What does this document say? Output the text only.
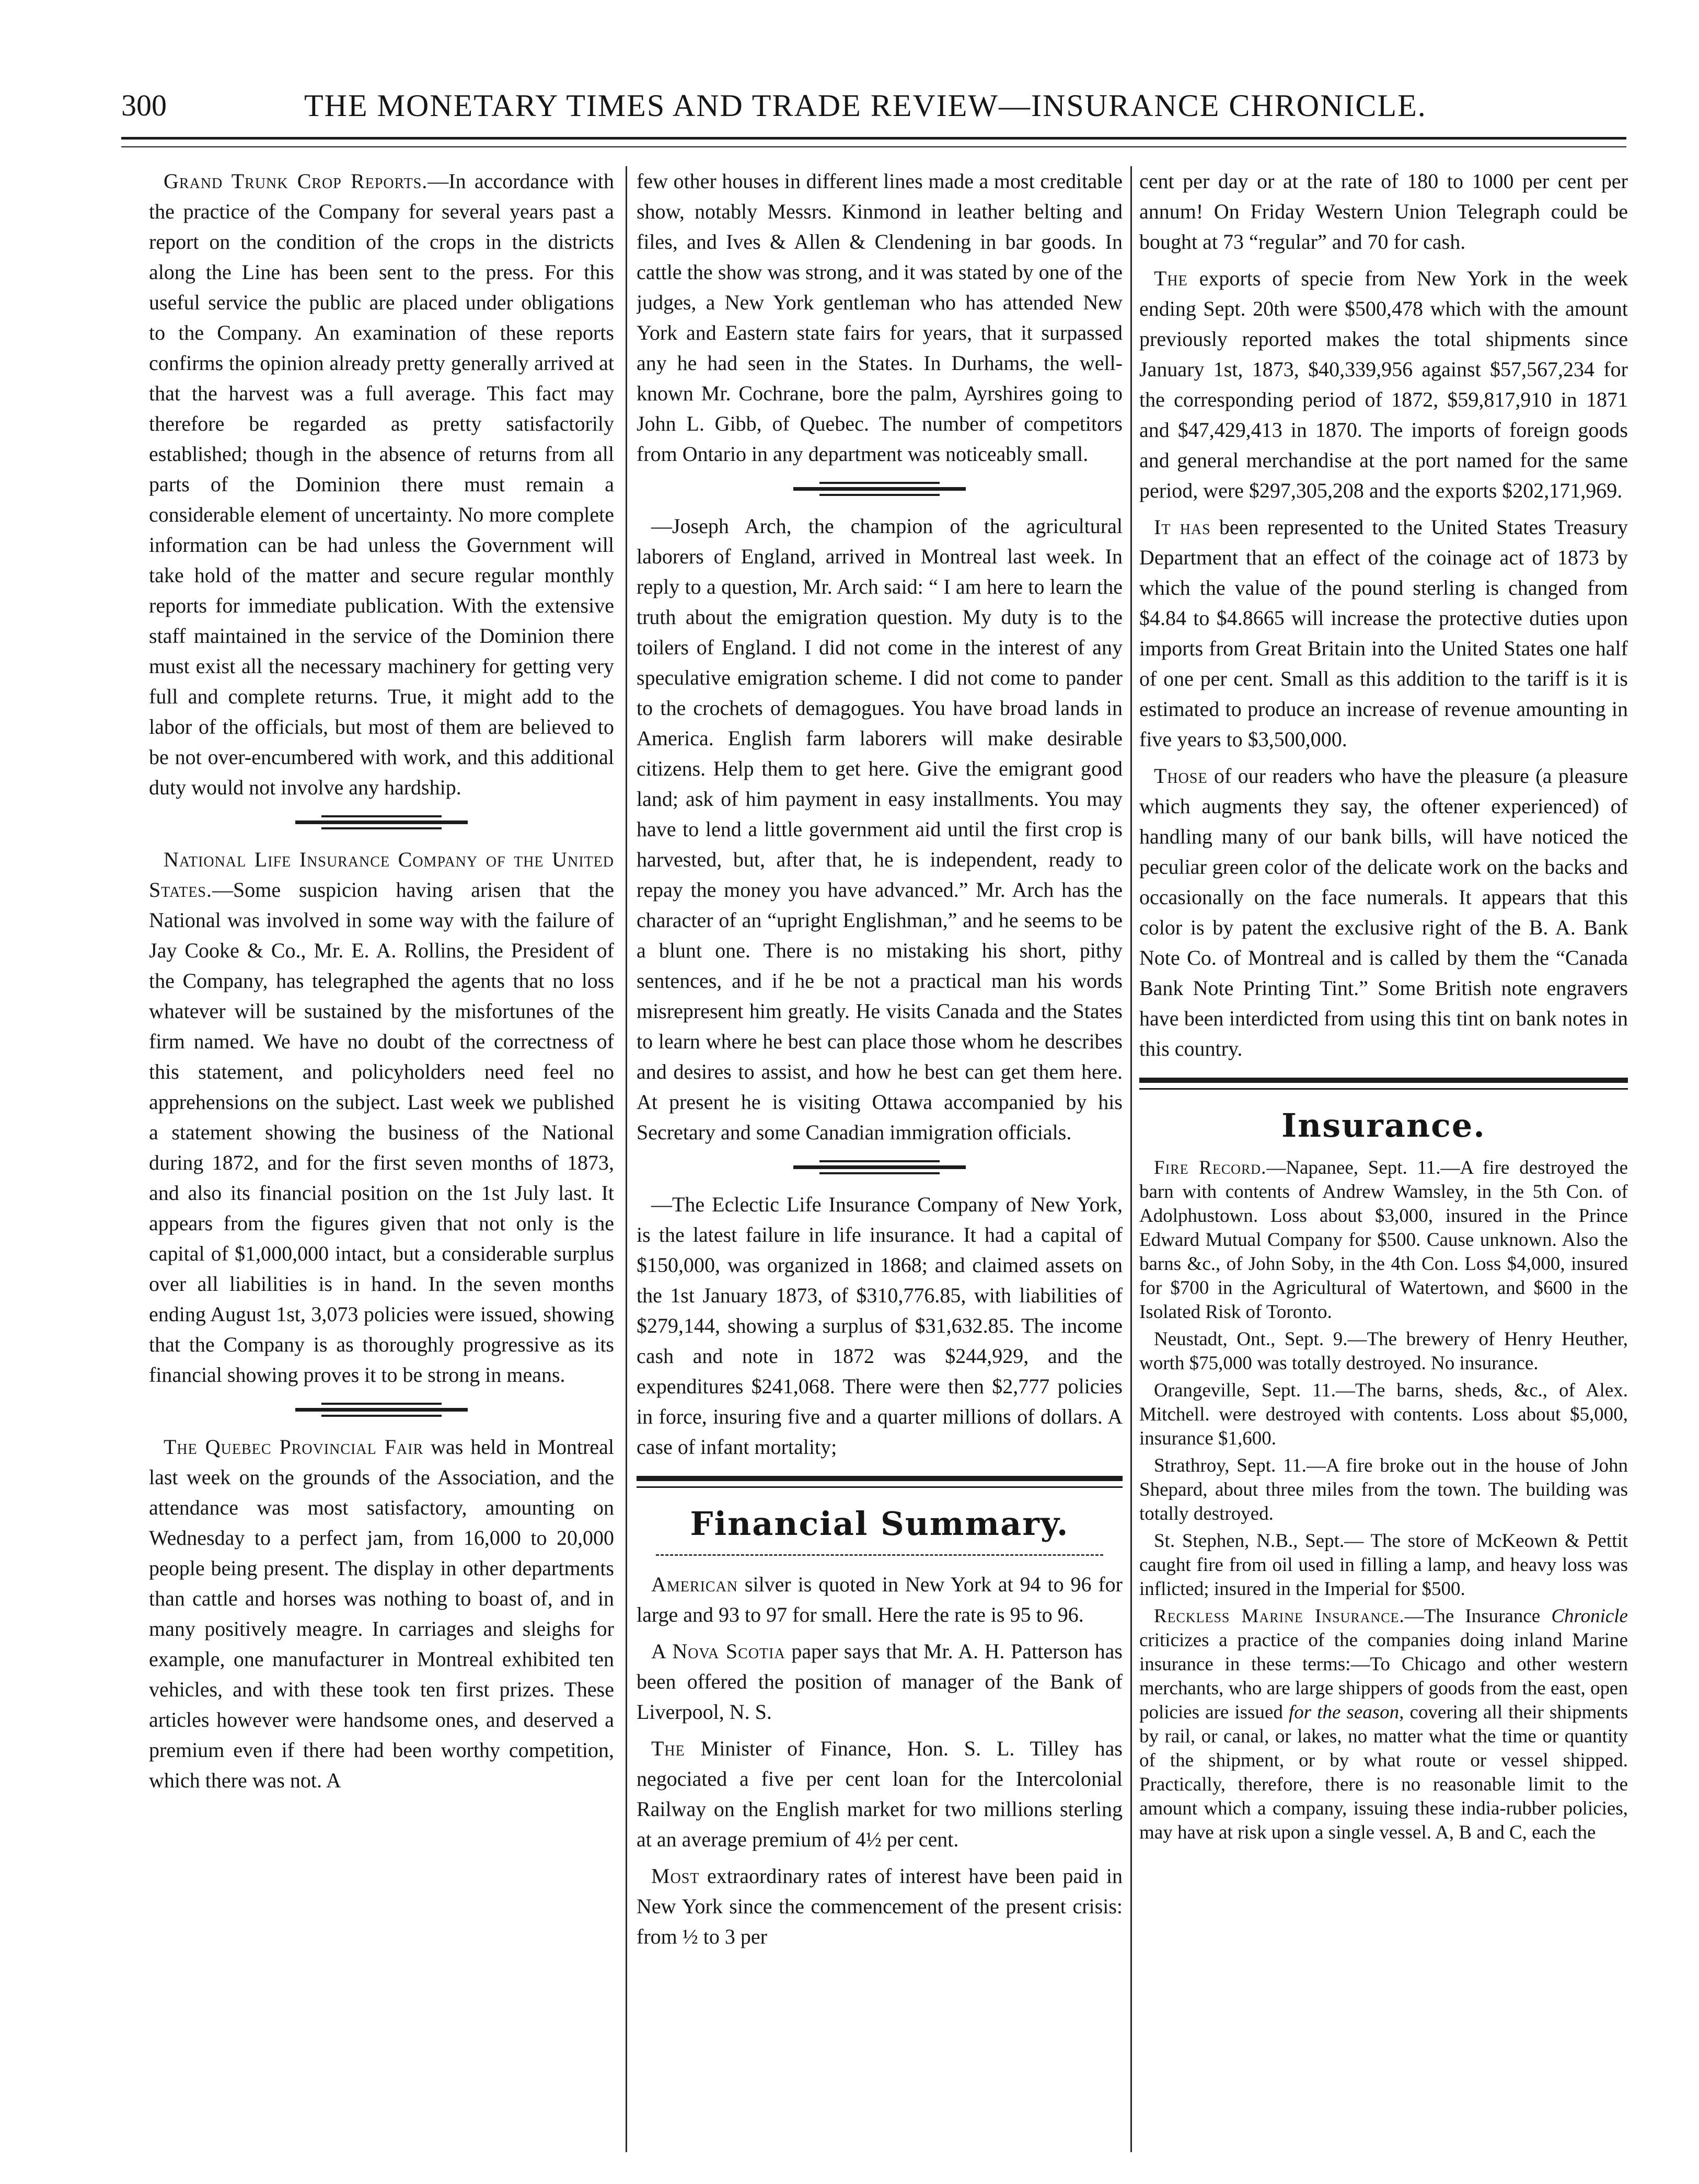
300	THE MONETARY TIMES AND TRADE REVIEW—INSURANCE CHRONICLE.

Grand Trunk Crop Reports.—In accordance with the practice of the Company for several years past a report on the condition of the crops in the districts along the Line has been sent to the press. For this useful service the public are placed under obligations to the Company. An examination of these reports confirms the opinion already pretty generally arrived at that the harvest was a full average. This fact may therefore be regarded as pretty satisfactorily established; though in the absence of returns from all parts of the Dominion there must remain a considerable element of uncertainty. No more complete information can be had unless the Government will take hold of the matter and secure regular monthly reports for immediate publication. With the extensive staff maintained in the service of the Dominion there must exist all the necessary machinery for getting very full and complete returns. True, it might add to the labor of the officials, but most of them are believed to be not over-encumbered with work, and this additional duty would not involve any hardship.

National Life Insurance Company of the United States.—Some suspicion having arisen that the National was involved in some way with the failure of Jay Cooke & Co., Mr. E. A. Rollins, the President of the Company, has telegraphed the agents that no loss whatever will be sustained by the misfortunes of the firm named. We have no doubt of the correctness of this statement, and policyholders need feel no apprehensions on the subject. Last week we published a statement showing the business of the National during 1872, and for the first seven months of 1873, and also its financial position on the 1st July last. It appears from the figures given that not only is the capital of $1,000,000 intact, but a considerable surplus over all liabilities is in hand. In the seven months ending August 1st, 3,073 policies were issued, showing that the Company is as thoroughly progressive as its financial showing proves it to be strong in means.

The Quebec Provincial Fair was held in Montreal last week on the grounds of the Association, and the attendance was most satisfactory, amounting on Wednesday to a perfect jam, from 16,000 to 20,000 people being present. The display in other departments than cattle and horses was nothing to boast of, and in many positively meagre. In carriages and sleighs for example, one manufacturer in Montreal exhibited ten vehicles, and with these took ten first prizes. These articles however were handsome ones, and deserved a premium even if there had been worthy competition, which there was not. A

few other houses in different lines made a most creditable show, notably Messrs. Kinmond in leather belting and files, and Ives & Allen & Clendening in bar goods. In cattle the show was strong, and it was stated by one of the judges, a New York gentleman who has attended New York and Eastern state fairs for years, that it surpassed any he had seen in the States. In Durhams, the well-known Mr. Cochrane, bore the palm, Ayrshires going to John L. Gibb, of Quebec. The number of competitors from Ontario in any department was noticeably small.

—Joseph Arch, the champion of the agricultural laborers of England, arrived in Montreal last week. In reply to a question, Mr. Arch said: “ I am here to learn the truth about the emigration question. My duty is to the toilers of England. I did not come in the interest of any speculative emigration scheme. I did not come to pander to the crochets of demagogues. You have broad lands in America. English farm laborers will make desirable citizens. Help them to get here. Give the emigrant good land; ask of him payment in easy installments. You may have to lend a little government aid until the first crop is harvested, but, after that, he is independent, ready to repay the money you have advanced.” Mr. Arch has the character of an “upright Englishman,” and he seems to be a blunt one. There is no mistaking his short, pithy sentences, and if he be not a practical man his words misrepresent him greatly. He visits Canada and the States to learn where he best can place those whom he describes and desires to assist, and how he best can get them here. At present he is visiting Ottawa accompanied by his Secretary and some Canadian immigration officials.

—The Eclectic Life Insurance Company of New York, is the latest failure in life insurance. It had a capital of $150,000, was organized in 1868; and claimed assets on the 1st January 1873, of $310,776.85, with liabilities of $279,144, showing a surplus of $31,632.85. The income cash and note in 1872 was $244,929, and the expenditures $241,068. There were then $2,777 policies in force, insuring five and a quarter millions of dollars. A case of infant mortality;

Financial Summary.

American silver is quoted in New York at 94 to 96 for large and 93 to 97 for small. Here the rate is 95 to 96.

A Nova Scotia paper says that Mr. A. H. Patterson has been offered the position of manager of the Bank of Liverpool, N. S.

The Minister of Finance, Hon. S. L. Tilley has negociated a five per cent loan for the Intercolonial Railway on the English market for two millions sterling at an average premium of 4½ per cent.

Most extraordinary rates of interest have been paid in New York since the commencement of the present crisis: from ½ to 3 per

cent per day or at the rate of 180 to 1000 per cent per annum! On Friday Western Union Telegraph could be bought at 73 “regular” and 70 for cash.

The exports of specie from New York in the week ending Sept. 20th were $500,478 which with the amount previously reported makes the total shipments since January 1st, 1873, $40,339,956 against $57,567,234 for the corresponding period of 1872, $59,817,910 in 1871 and $47,429,413 in 1870. The imports of foreign goods and general merchandise at the port named for the same period, were $297,305,208 and the exports $202,171,969.

It has been represented to the United States Treasury Department that an effect of the coinage act of 1873 by which the value of the pound sterling is changed from $4.84 to $4.8665 will increase the protective duties upon imports from Great Britain into the United States one half of one per cent. Small as this addition to the tariff is it is estimated to produce an increase of revenue amounting in five years to $3,500,000.

Those of our readers who have the pleasure (a pleasure which augments they say, the oftener experienced) of handling many of our bank bills, will have noticed the peculiar green color of the delicate work on the backs and occasionally on the face numerals. It appears that this color is by patent the exclusive right of the B. A. Bank Note Co. of Montreal and is called by them the “Canada Bank Note Printing Tint.” Some British note engravers have been interdicted from using this tint on bank notes in this country.

Insurance.

Fire Record.—Napanee, Sept. 11.—A fire destroyed the barn with contents of Andrew Wamsley, in the 5th Con. of Adolphustown. Loss about $3,000, insured in the Prince Edward Mutual Company for $500. Cause unknown. Also the barns &c., of John Soby, in the 4th Con. Loss $4,000, insured for $700 in the Agricultural of Watertown, and $600 in the Isolated Risk of Toronto.

Neustadt, Ont., Sept. 9.—The brewery of Henry Heuther, worth $75,000 was totally destroyed. No insurance.

Orangeville, Sept. 11.—The barns, sheds, &c., of Alex. Mitchell. were destroyed with contents. Loss about $5,000, insurance $1,600.

Strathroy, Sept. 11.—A fire broke out in the house of John Shepard, about three miles from the town. The building was totally destroyed.

St. Stephen, N.B., Sept.— The store of McKeown & Pettit caught fire from oil used in filling a lamp, and heavy loss was inflicted; insured in the Imperial for $500.

Reckless Marine Insurance.—The Insurance Chronicle criticizes a practice of the companies doing inland Marine insurance in these terms:—To Chicago and other western merchants, who are large shippers of goods from the east, open policies are issued for the season, covering all their shipments by rail, or canal, or lakes, no matter what the time or quantity of the shipment, or by what route or vessel shipped. Practically, therefore, there is no reasonable limit to the amount which a company, issuing these india-rubber policies, may have at risk upon a single vessel. A, B and C, each the
